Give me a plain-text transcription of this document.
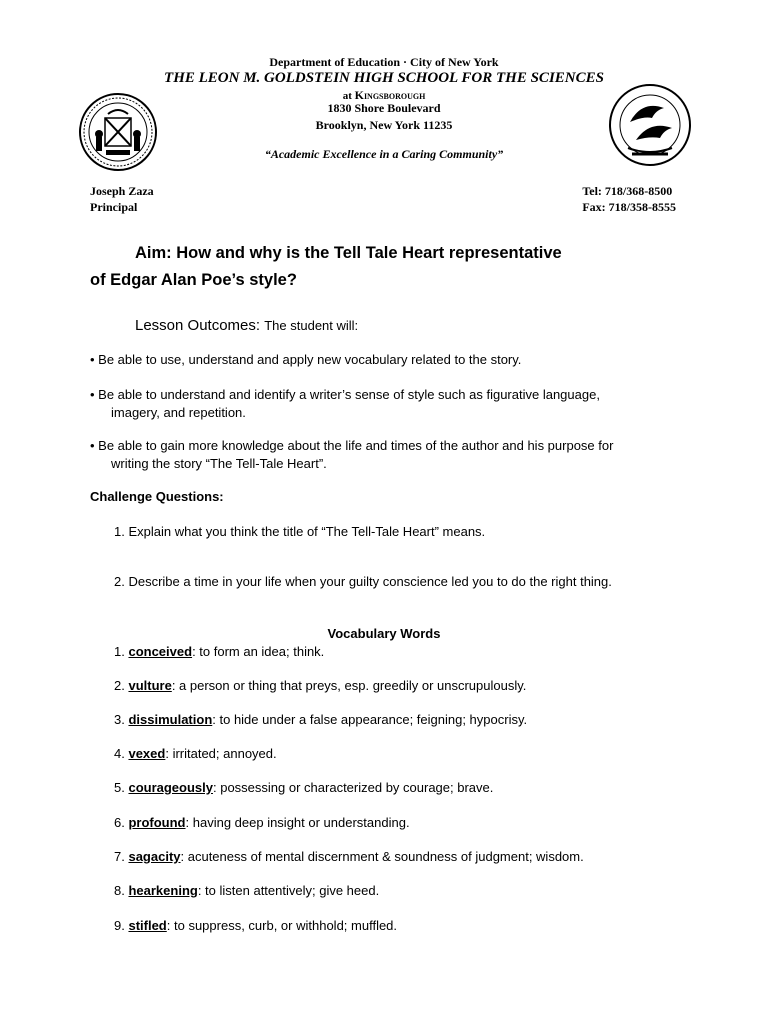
Department of Education · City of New York
THE LEON M. GOLDSTEIN HIGH SCHOOL FOR THE SCIENCES
at Kingsborough
1830 Shore Boulevard
Brooklyn, New York 11235
“Academic Excellence in a Caring Community”
Joseph Zaza
Principal
Tel: 718/368-8500
Fax: 718/358-8555
Aim: How and why is the Tell Tale Heart representative
of Edgar Alan Poe’s style?
Lesson Outcomes: The student will:
• Be able to use, understand and apply new vocabulary related to the story.
• Be able to understand and identify a writer’s sense of style such as figurative language,
imagery, and repetition.
• Be able to gain more knowledge about the life and times of the author and his purpose for
writing the story “The Tell-Tale Heart”.
Challenge Questions:
1. Explain what you think the title of “The Tell-Tale Heart” means.
2. Describe a time in your life when your guilty conscience led you to do the right thing.
Vocabulary Words
1. conceived: to form an idea; think.
2. vulture: a person or thing that preys, esp. greedily or unscrupulously.
3. dissimulation: to hide under a false appearance; feigning; hypocrisy.
4. vexed: irritated; annoyed.
5. courageously: possessing or characterized by courage; brave.
6. profound: having deep insight or understanding.
7. sagacity: acuteness of mental discernment & soundness of judgment; wisdom.
8. hearkening: to listen attentively; give heed.
9. stifled: to suppress, curb, or withhold; muffled.
